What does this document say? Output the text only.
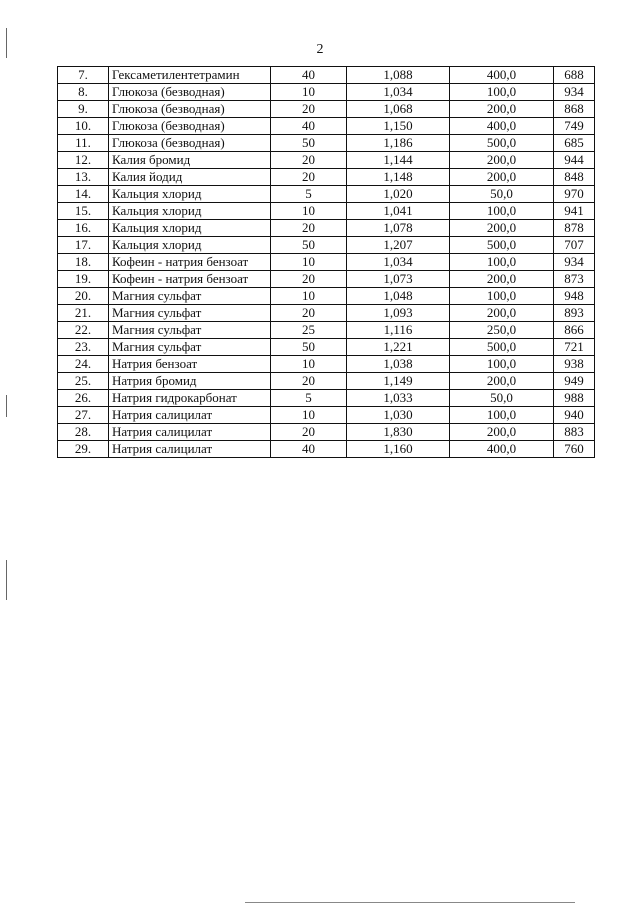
2
7.	Гексаметилентетрамин	40	1,088	400,0	688
8.	Глюкоза (безводная)	10	1,034	100,0	934
9.	Глюкоза (безводная)	20	1,068	200,0	868
10.	Глюкоза (безводная)	40	1,150	400,0	749
11.	Глюкоза (безводная)	50	1,186	500,0	685
12.	Калия бромид	20	1,144	200,0	944
13.	Калия йодид	20	1,148	200,0	848
14.	Кальция хлорид	5	1,020	50,0	970
15.	Кальция хлорид	10	1,041	100,0	941
16.	Кальция хлорид	20	1,078	200,0	878
17.	Кальция хлорид	50	1,207	500,0	707
18.	Кофеин - натрия бензоат	10	1,034	100,0	934
19.	Кофеин - натрия бензоат	20	1,073	200,0	873
20.	Магния сульфат	10	1,048	100,0	948
21.	Магния сульфат	20	1,093	200,0	893
22.	Магния сульфат	25	1,116	250,0	866
23.	Магния сульфат	50	1,221	500,0	721
24.	Натрия бензоат	10	1,038	100,0	938
25.	Натрия бромид	20	1,149	200,0	949
26.	Натрия гидрокарбонат	5	1,033	50,0	988
27.	Натрия салицилат	10	1,030	100,0	940
28.	Натрия салицилат	20	1,830	200,0	883
29.	Натрия салицилат	40	1,160	400,0	760
